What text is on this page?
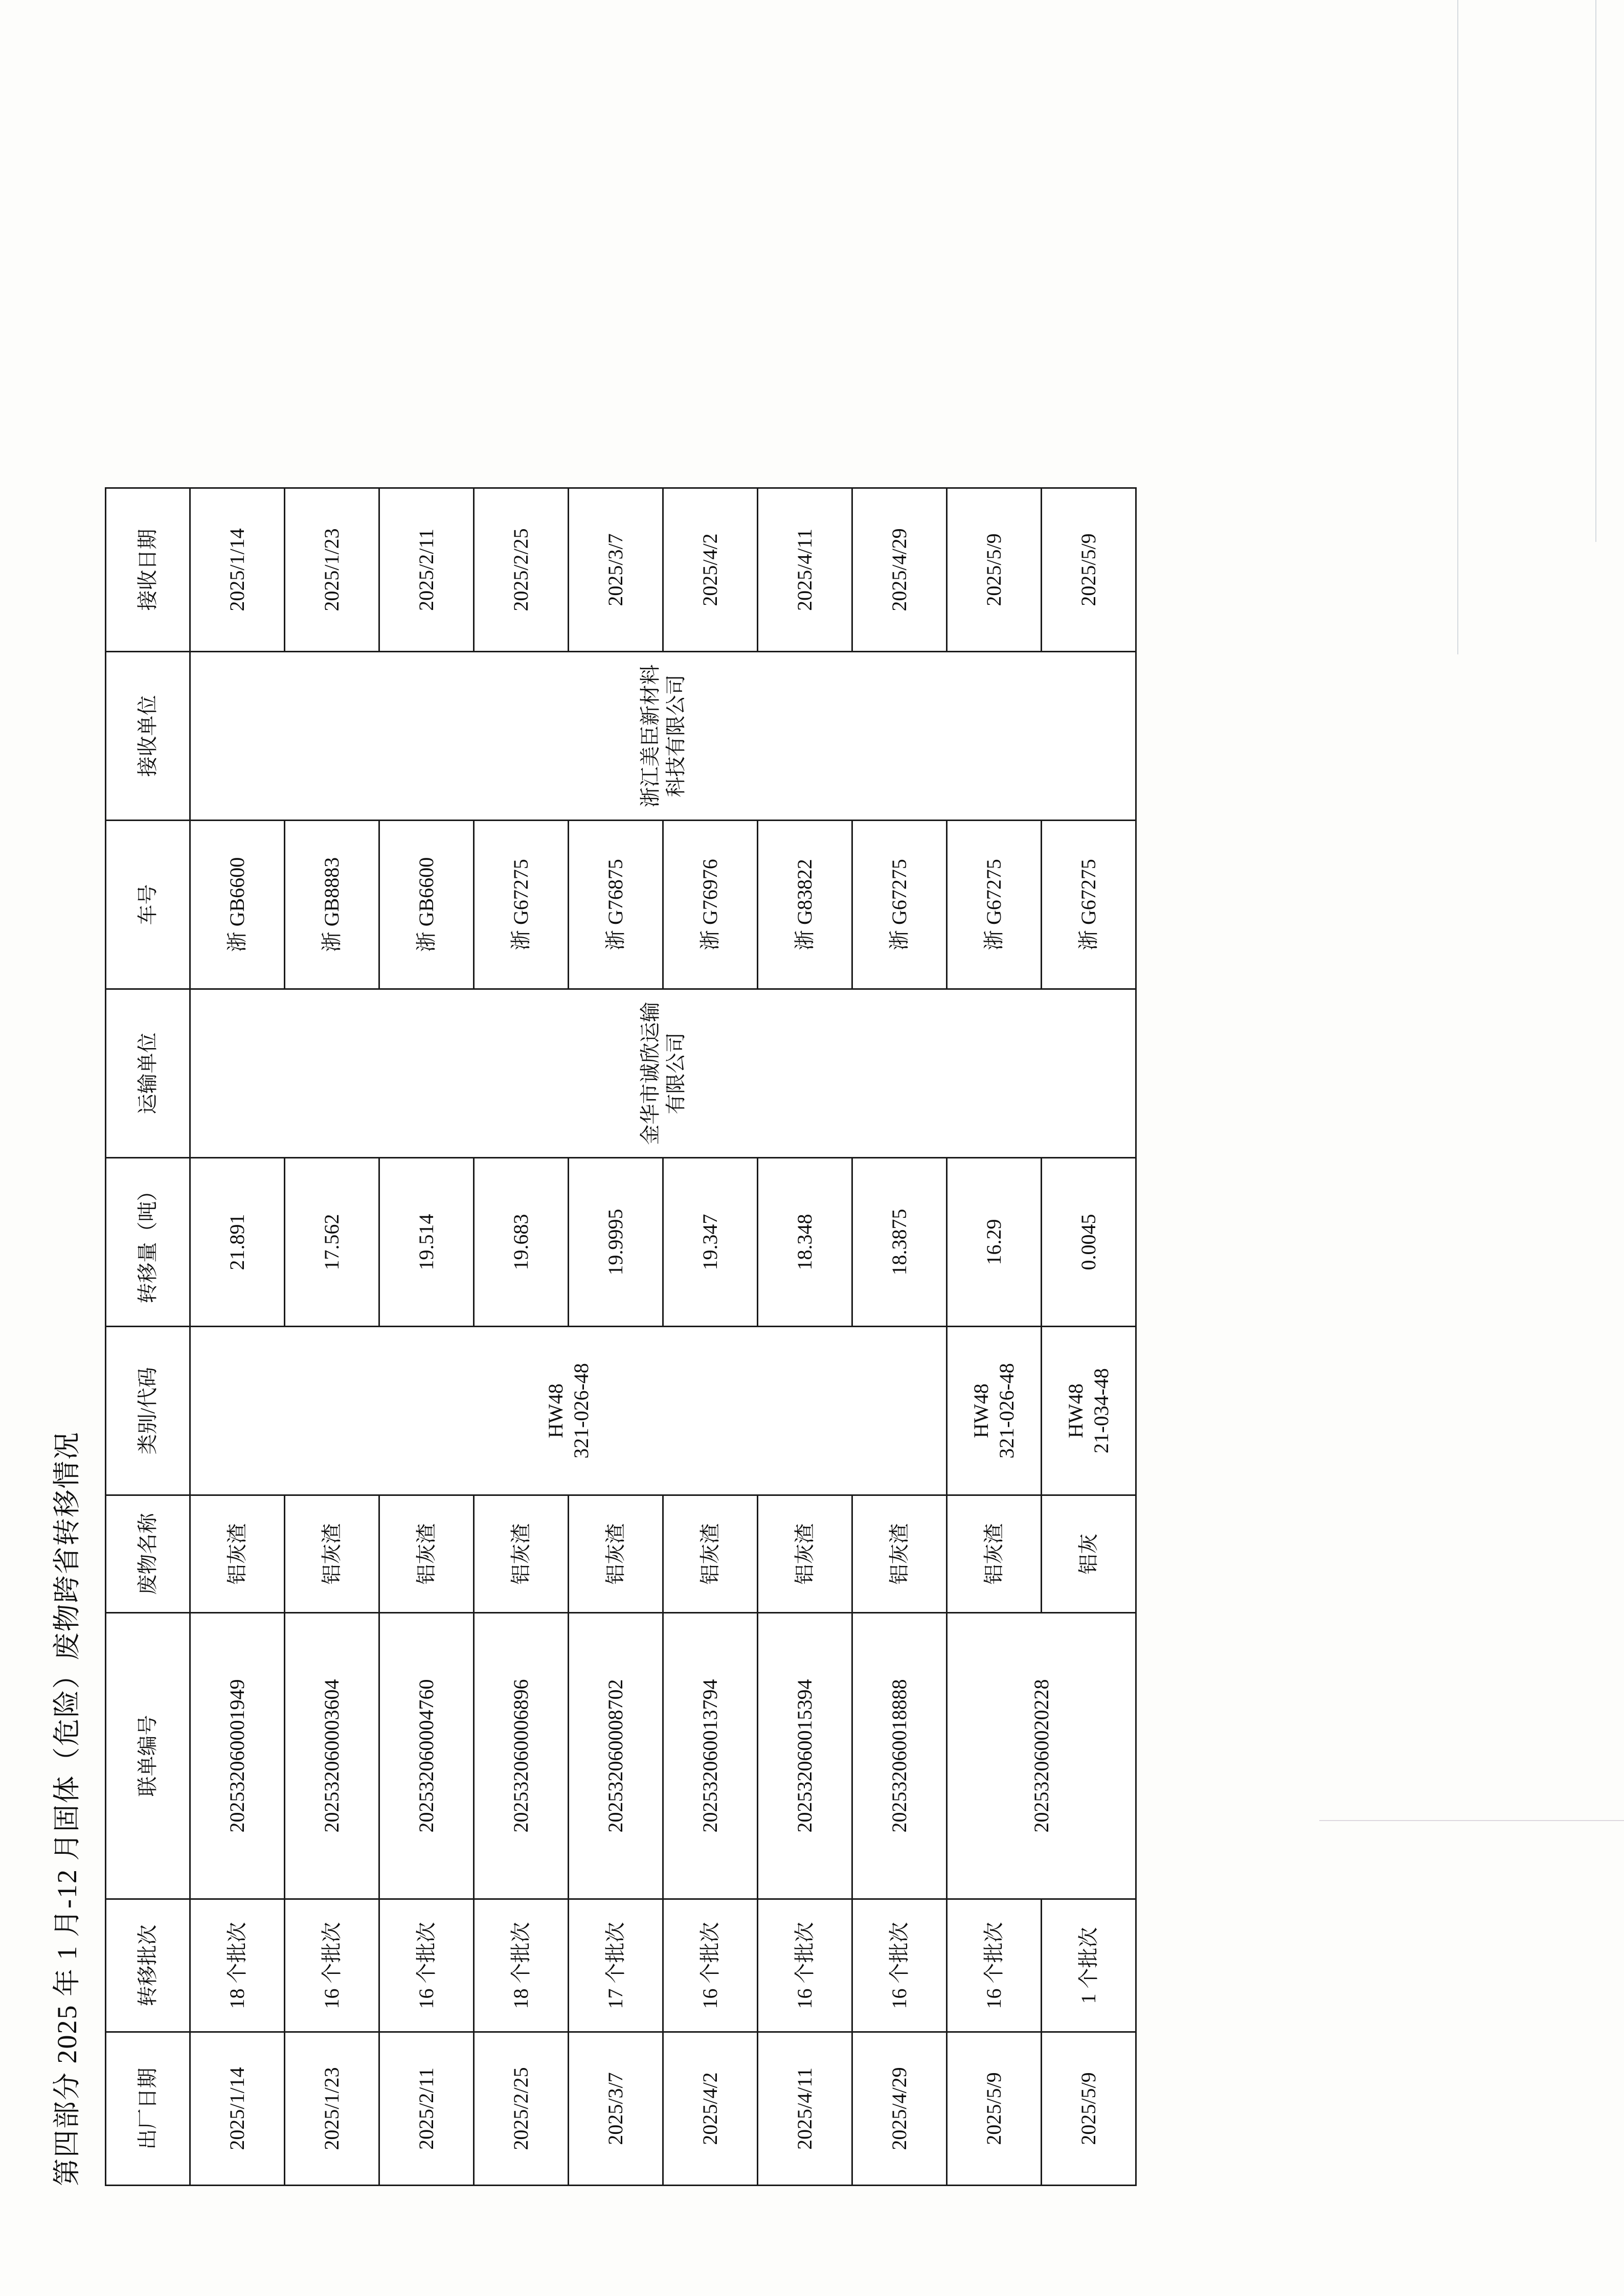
第四部分 2025 年 1 月-12 月固体（危险）废物跨省转移情况	出厂日期	转移批次	联单编号	废物名称	类别/代码	转移量（吨）	运输单位	车号	接收单位	接收日期
2025/1/14	18 个批次	202532060001949	铝灰渣	HW48 321-026-48	21.891	金华市诚欣运输有限公司	浙 GB6600	浙江美臣新材料科技有限公司	2025/1/14
2025/1/23	16 个批次	202532060003604	铝灰渣		17.562		浙 GB8883		2025/1/23
2025/2/11	16 个批次	202532060004760	铝灰渣		19.514		浙 GB6600		2025/2/11
2025/2/25	18 个批次	202532060006896	铝灰渣		19.683		浙 G67275		2025/2/25
2025/3/7	17 个批次	202532060008702	铝灰渣		19.9995		浙 G76875		2025/3/7
2025/4/2	16 个批次	202532060013794	铝灰渣		19.347		浙 G76976		2025/4/2
2025/4/11	16 个批次	202532060015394	铝灰渣		18.348		浙 G83822		2025/4/11
2025/4/29	16 个批次	202532060018888	铝灰渣		18.3875		浙 G67275		2025/4/29
2025/5/9	16 个批次	202532060020228	铝灰渣	HW48 321-026-48	16.29		浙 G67275		2025/5/9
2025/5/9	1 个批次		铝灰	HW48 21-034-48	0.0045		浙 G67275		2025/5/9
